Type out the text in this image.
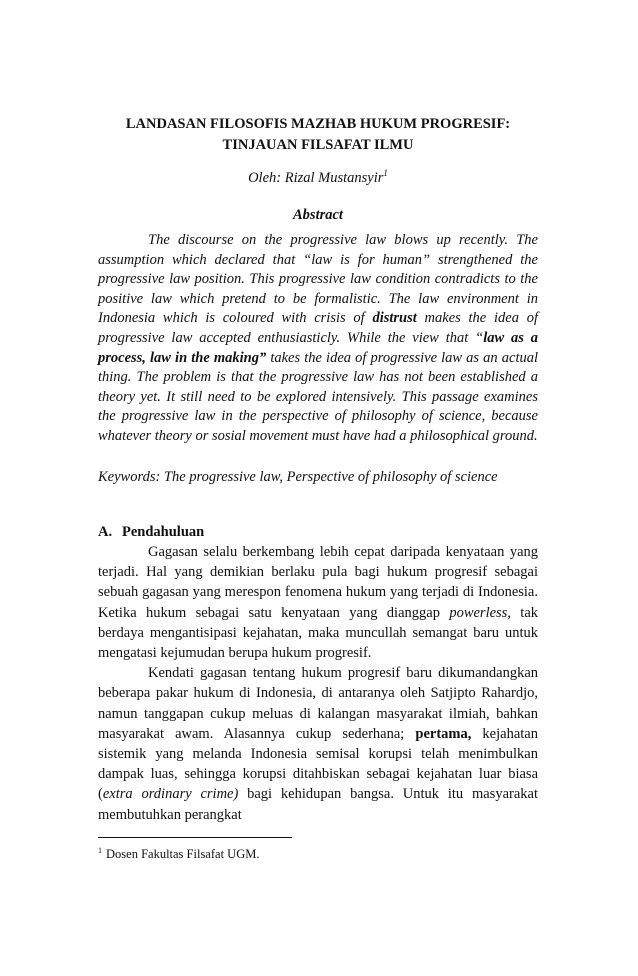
LANDASAN FILOSOFIS MAZHAB HUKUM PROGRESIF:
TINJAUAN FILSAFAT ILMU
Oleh: Rizal Mustansyir$^1$
Abstract

The discourse on the progressive law blows up recently. The assumption which declared that “law is for human” strengthened the progressive law position. This progressive law condition contradicts to the positive law which pretend to be formalistic. The law environment in Indonesia which is coloured with crisis of distrust makes the idea of progressive law accepted enthusiasticly. While the view that “law as a process, law in the making” takes the idea of progressive law as an actual thing. The problem is that the progressive law has not been established a theory yet. It still need to be explored intensively. This passage examines the progressive law in the perspective of philosophy of science, because whatever theory or sosial movement must have had a philosophical ground.

Keywords: The progressive law, Perspective of philosophy of science

A. Pendahuluan

Gagasan selalu berkembang lebih cepat daripada kenyataan yang terjadi. Hal yang demikian berlaku pula bagi hukum progresif sebagai sebuah gagasan yang merespon fenomena hukum yang terjadi di Indonesia. Ketika hukum sebagai satu kenyataan yang dianggap powerless, tak berdaya mengantisipasi kejahatan, maka muncullah semangat baru untuk mengatasi kejumudan berupa hukum progresif.

Kendati gagasan tentang hukum progresif baru dikumandangkan beberapa pakar hukum di Indonesia, di antaranya oleh Satjipto Rahardjo, namun tanggapan cukup meluas di kalangan masyarakat ilmiah, bahkan masyarakat awam. Alasannya cukup sederhana; pertama, kejahatan sistemik yang melanda Indonesia semisal korupsi telah menimbulkan dampak luas, sehingga korupsi ditahbiskan sebagai kejahatan luar biasa (extra ordinary crime) bagi kehidupan bangsa. Untuk itu masyarakat membutuhkan perangkat

$^1$ Dosen Fakultas Filsafat UGM.
